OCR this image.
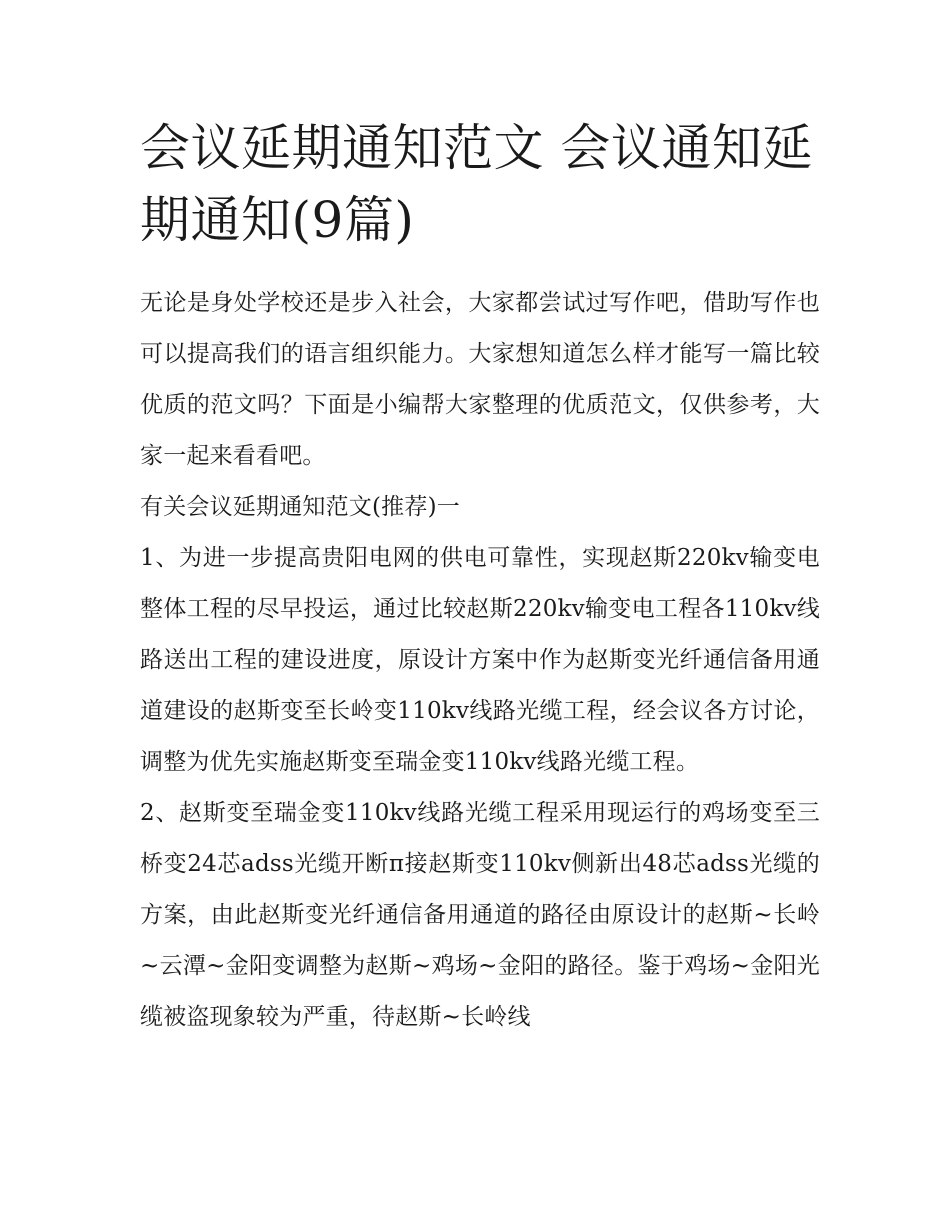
会议延期通知范文 会议通知延期通知(9篇)

无论是身处学校还是步入社会，大家都尝试过写作吧，借助写作也可以提高我们的语言组织能力。大家想知道怎么样才能写一篇比较优质的范文吗？下面是小编帮大家整理的优质范文，仅供参考，大家一起来看看吧。

有关会议延期通知范文(推荐)一

1、为进一步提高贵阳电网的供电可靠性，实现赵斯220kv输变电整体工程的尽早投运，通过比较赵斯220kv输变电工程各110kv线路送出工程的建设进度，原设计方案中作为赵斯变光纤通信备用通道建设的赵斯变至长岭变110kv线路光缆工程，经会议各方讨论，调整为优先实施赵斯变至瑞金变110kv线路光缆工程。

2、赵斯变至瑞金变110kv线路光缆工程采用现运行的鸡场变至三桥变24芯adss光缆开断π接赵斯变110kv侧新出48芯adss光缆的方案，由此赵斯变光纤通信备用通道的路径由原设计的赵斯~长岭~云潭~金阳变调整为赵斯~鸡场~金阳的路径。鉴于鸡场~金阳光缆被盗现象较为严重，待赵斯~长岭线
